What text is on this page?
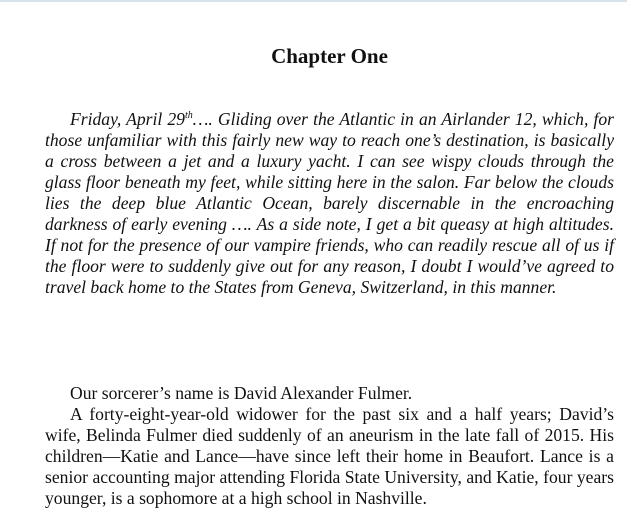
Chapter One

Friday, April 29th…. Gliding over the Atlantic in an Airlander 12, which, for those unfamiliar with this fairly new way to reach one’s destination, is basically a cross between a jet and a luxury yacht. I can see wispy clouds through the glass floor beneath my feet, while sitting here in the salon. Far below the clouds lies the deep blue Atlantic Ocean, barely discernable in the encroaching darkness of early evening …. As a side note, I get a bit queasy at high altitudes. If not for the presence of our vampire friends, who can readily rescue all of us if the floor were to suddenly give out for any reason, I doubt I would’ve agreed to travel back home to the States from Geneva, Switzerland, in this manner.

Our sorcerer’s name is David Alexander Fulmer.

A forty-eight-year-old widower for the past six and a half years; David’s wife, Belinda Fulmer died suddenly of an aneurism in the late fall of 2015. His children—Katie and Lance—have since left their home in Beaufort. Lance is a senior accounting major attending Florida State University, and Katie, four years younger, is a sophomore at a high school in Nashville.
